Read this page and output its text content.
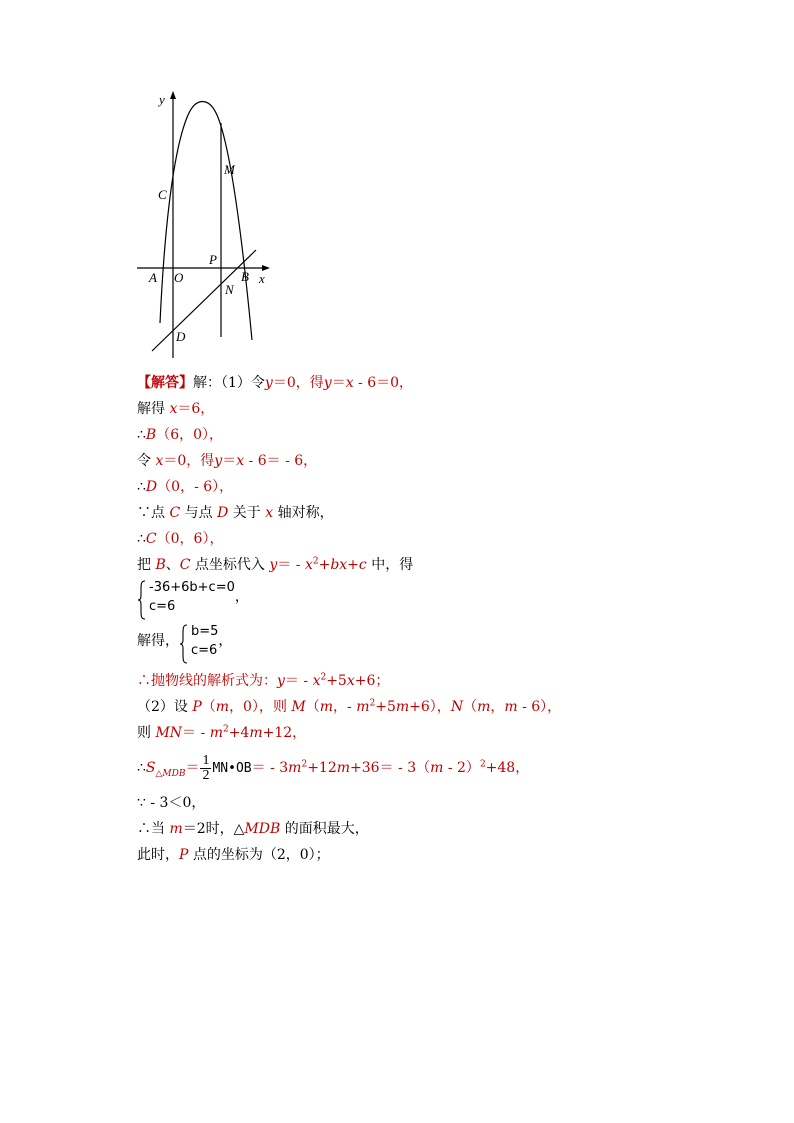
y
C
M
P
A O	B
N
x
D
【解答】解：（1）令y＝0，得y＝x - 6＝0，
解得 x＝6，
∴B（6，0），
令 x＝0，得y＝x - 6＝ - 6，
∴D（0，- 6），
∵点 C 与点 D 关于 x 轴对称，
∴C（0，6），
把 B、C 点坐标代入 $y= - x^2+bx+c$ 中，得
-36+6b+c=0
c=6
，
解得，
b=5
c=6
，
∴抛物线的解析式为：$y= - x^2+5x+6$；
（2）设 P（m，0），则 M（m，- $m^2+5m+6$），N（m，m - 6），
则 $MN= - m^2+4m+12$，
$\therefore S_{\triangle MDB}= \frac{1}{2}$ MN•OB＝ - $3m^2+12m+36= - 3(m - 2)^2+48$，
∵ - 3＜0，
∴当 m＝2时，△MDB 的面积最大，
此时，P 点的坐标为（2，0）；
